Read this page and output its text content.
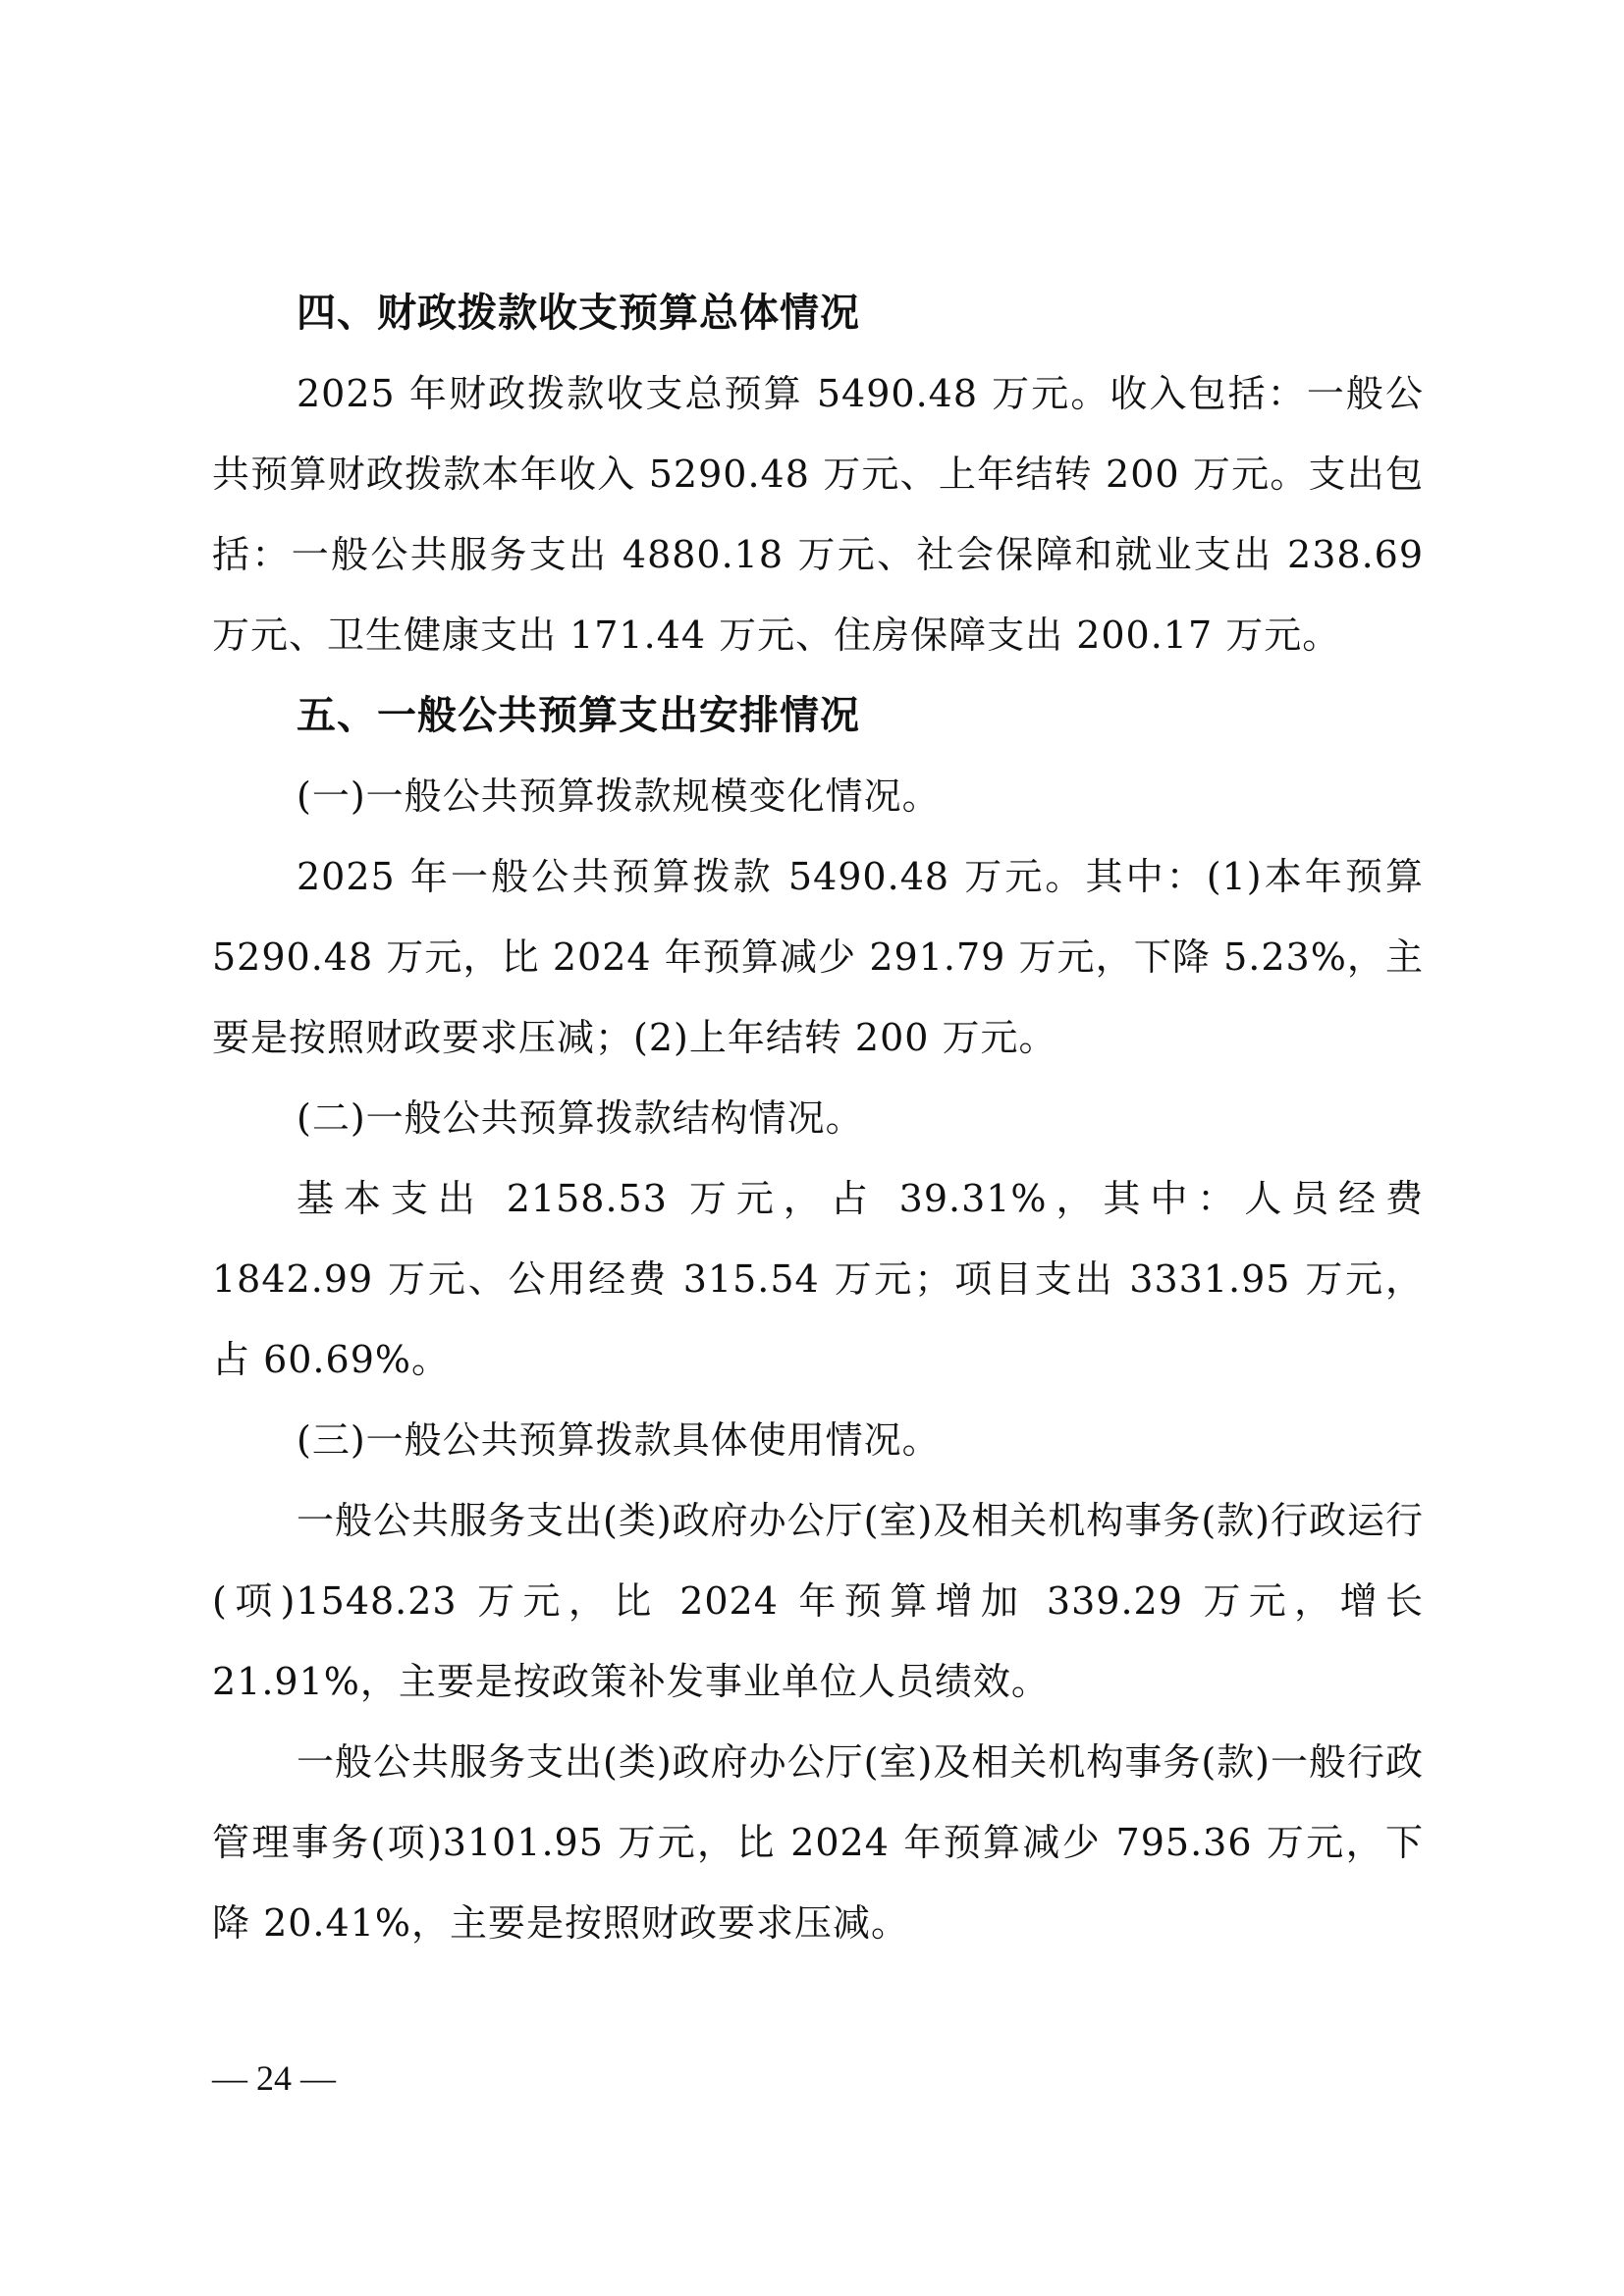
四、财政拨款收支预算总体情况

2025 年财政拨款收支总预算 5490.48 万元。收入包括：一般公共预算财政拨款本年收入 5290.48 万元、上年结转 200 万元。支出包括：一般公共服务支出 4880.18 万元、社会保障和就业支出 238.69 万元、卫生健康支出 171.44 万元、住房保障支出 200.17 万元。

五、一般公共预算支出安排情况

(一)一般公共预算拨款规模变化情况。

2025 年一般公共预算拨款 5490.48 万元。其中：(1)本年预算 5290.48 万元，比 2024 年预算减少 291.79 万元，下降 5.23%，主要是按照财政要求压减；(2)上年结转 200 万元。

(二)一般公共预算拨款结构情况。

基本支出 2158.53 万元，占 39.31%，其中：人员经费 1842.99 万元、公用经费 315.54 万元；项目支出 3331.95 万元，占 60.69%。

(三)一般公共预算拨款具体使用情况。

一般公共服务支出(类)政府办公厅(室)及相关机构事务(款)行政运行(项)1548.23 万元，比 2024 年预算增加 339.29 万元，增长 21.91%，主要是按政策补发事业单位人员绩效。

一般公共服务支出(类)政府办公厅(室)及相关机构事务(款)一般行政管理事务(项)3101.95 万元，比 2024 年预算减少 795.36 万元，下降 20.41%，主要是按照财政要求压减。

— 24 —
